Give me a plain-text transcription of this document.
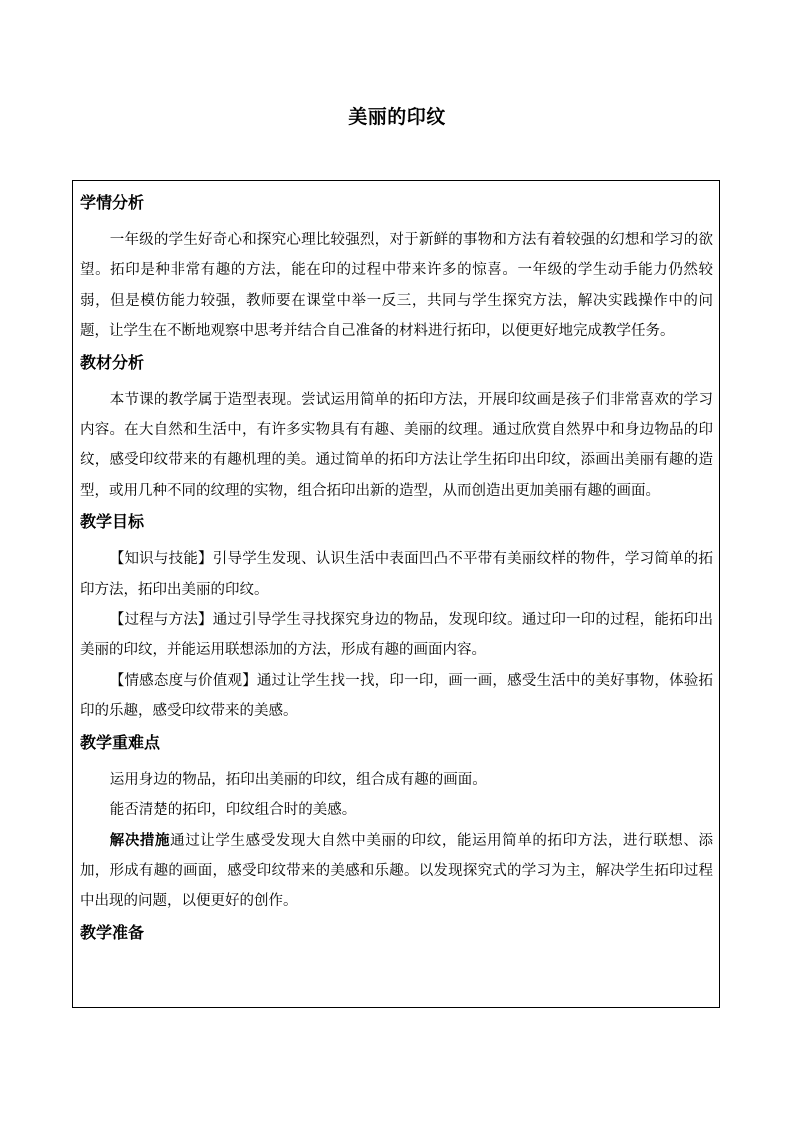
美丽的印纹
学情分析

一年级的学生好奇心和探究心理比较强烈，对于新鲜的事物和方法有着较强的幻想和学习的欲望。拓印是种非常有趣的方法，能在印的过程中带来许多的惊喜。一年级的学生动手能力仍然较弱，但是模仿能力较强，教师要在课堂中举一反三，共同与学生探究方法，解决实践操作中的问题，让学生在不断地观察中思考并结合自己准备的材料进行拓印，以便更好地完成教学任务。

教材分析

本节课的教学属于造型表现。尝试运用简单的拓印方法，开展印纹画是孩子们非常喜欢的学习内容。在大自然和生活中，有许多实物具有有趣、美丽的纹理。通过欣赏自然界中和身边物品的印纹，感受印纹带来的有趣机理的美。通过简单的拓印方法让学生拓印出印纹，添画出美丽有趣的造型，或用几种不同的纹理的实物，组合拓印出新的造型，从而创造出更加美丽有趣的画面。

教学目标

【知识与技能】引导学生发现、认识生活中表面凹凸不平带有美丽纹样的物件，学习简单的拓印方法，拓印出美丽的印纹。

【过程与方法】通过引导学生寻找探究身边的物品，发现印纹。通过印一印的过程，能拓印出美丽的印纹，并能运用联想添加的方法，形成有趣的画面内容。

【情感态度与价值观】通过让学生找一找，印一印，画一画，感受生活中的美好事物，体验拓印的乐趣，感受印纹带来的美感。

教学重难点

运用身边的物品，拓印出美丽的印纹，组合成有趣的画面。

能否清楚的拓印，印纹组合时的美感。

解决措施通过让学生感受发现大自然中美丽的印纹，能运用简单的拓印方法，进行联想、添加，形成有趣的画面，感受印纹带来的美感和乐趣。以发现探究式的学习为主，解决学生拓印过程中出现的问题，以便更好的创作。

教学准备
